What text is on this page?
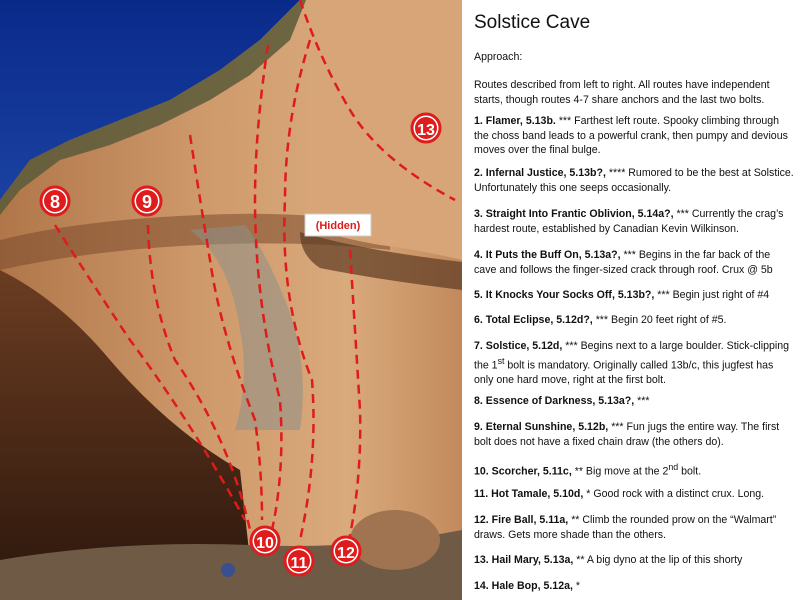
8	9
10
11
12
13
(Hidden)
Solstice Cave

Approach:

Routes described from left to right. All routes have independent starts, though routes 4-7 share anchors and the last two bolts.

1. Flamer, 5.13b. *** Farthest left route. Spooky climbing through the choss band leads to a powerful crank, then pumpy and devious moves over the final bulge.

2. Infernal Justice, 5.13b?, **** Rumored to be the best at Solstice. Unfortunately this one seeps occasionally.

3. Straight Into Frantic Oblivion, 5.14a?, *** Currently the crag’s hardest route, established by Canadian Kevin Wilkinson.

4. It Puts the Buff On, 5.13a?, *** Begins in the far back of the cave and follows the finger-sized crack through roof. Crux @ 5b

5. It Knocks Your Socks Off, 5.13b?, *** Begin just right of #4

6. Total Eclipse, 5.12d?, *** Begin 20 feet right of #5.

7. Solstice, 5.12d, *** Begins next to a large boulder. Stick-clipping the 1st bolt is mandatory. Originally called 13b/c, this jugfest has only one hard move, right at the first bolt.

8. Essence of Darkness, 5.13a?, ***

9. Eternal Sunshine, 5.12b, *** Fun jugs the entire way. The first bolt does not have a fixed chain draw (the others do).

10. Scorcher, 5.11c, ** Big move at the 2nd bolt.

11. Hot Tamale, 5.10d, * Good rock with a distinct crux. Long.

12. Fire Ball, 5.11a, ** Climb the rounded prow on the “Walmart” draws. Gets more shade than the others.

13. Hail Mary, 5.13a, ** A big dyno at the lip of this shorty

14. Hale Bop, 5.12a, *
